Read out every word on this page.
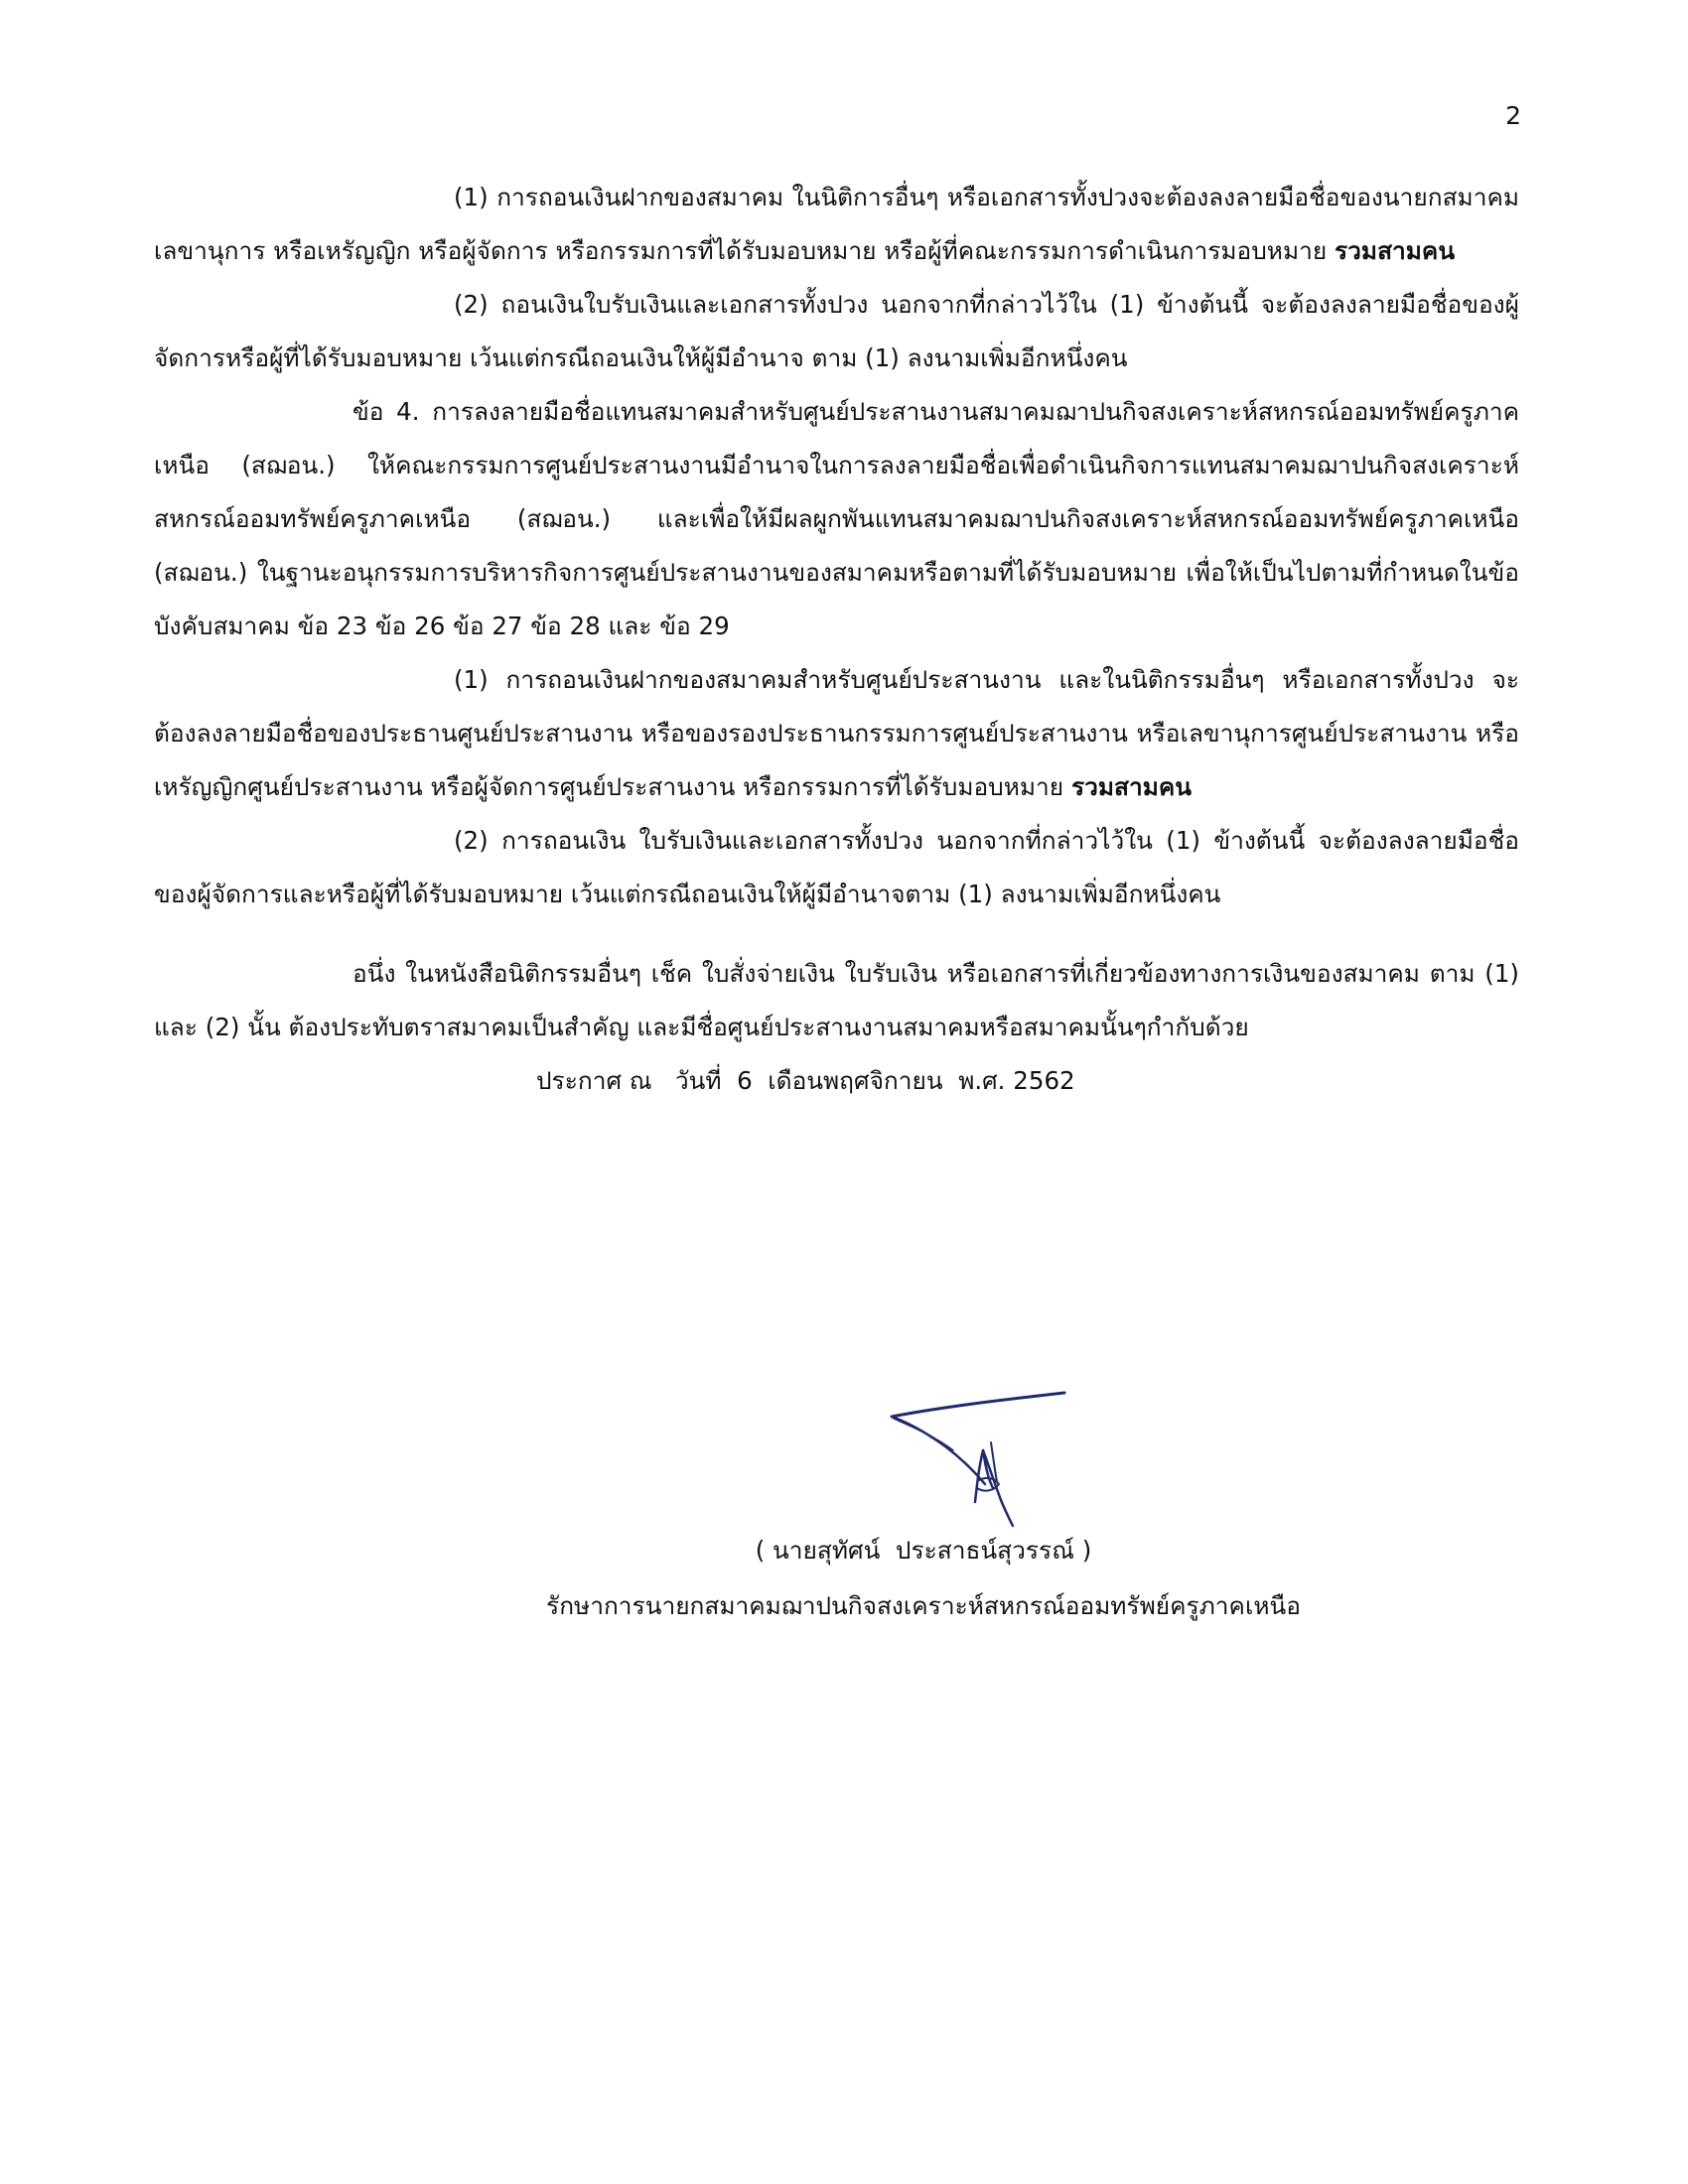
2

(1) การถอนเงินฝากของสมาคม ในนิติการอื่นๆ หรือเอกสารทั้งปวงจะต้องลงลายมือชื่อของนายกสมาคม เลขานุการ หรือเหรัญญิก หรือผู้จัดการ หรือกรรมการที่ได้รับมอบหมาย หรือผู้ที่คณะกรรมการดำเนินการมอบหมาย รวมสามคน

(2) ถอนเงินใบรับเงินและเอกสารทั้งปวง นอกจากที่กล่าวไว้ใน (1) ข้างต้นนี้ จะต้องลงลายมือชื่อของผู้จัดการหรือผู้ที่ได้รับมอบหมาย เว้นแต่กรณีถอนเงินให้ผู้มีอำนาจ ตาม (1) ลงนามเพิ่มอีกหนึ่งคน

ข้อ 4. การลงลายมือชื่อแทนสมาคมสำหรับศูนย์ประสานงานสมาคมฌาปนกิจสงเคราะห์สหกรณ์ออมทรัพย์ครูภาคเหนือ (สฌอน.) ให้คณะกรรมการศูนย์ประสานงานมีอำนาจในการลงลายมือชื่อเพื่อดำเนินกิจการแทนสมาคมฌาปนกิจสงเคราะห์สหกรณ์ออมทรัพย์ครูภาคเหนือ (สฌอน.) และเพื่อให้มีผลผูกพันแทนสมาคมฌาปนกิจสงเคราะห์สหกรณ์ออมทรัพย์ครูภาคเหนือ (สฌอน.) ในฐานะอนุกรรมการบริหารกิจการศูนย์ประสานงานของสมาคมหรือตามที่ได้รับมอบหมาย เพื่อให้เป็นไปตามที่กำหนดในข้อบังคับสมาคม ข้อ 23 ข้อ 26 ข้อ 27 ข้อ 28 และ ข้อ 29

(1) การถอนเงินฝากของสมาคมสำหรับศูนย์ประสานงาน และในนิติกรรมอื่นๆ หรือเอกสารทั้งปวง จะต้องลงลายมือชื่อของประธานศูนย์ประสานงาน หรือของรองประธานกรรมการศูนย์ประสานงาน หรือเลขานุการศูนย์ประสานงาน หรือ เหรัญญิกศูนย์ประสานงาน หรือผู้จัดการศูนย์ประสานงาน หรือกรรมการที่ได้รับมอบหมาย รวมสามคน

(2) การถอนเงิน ใบรับเงินและเอกสารทั้งปวง นอกจากที่กล่าวไว้ใน (1) ข้างต้นนี้ จะต้องลงลายมือชื่อของผู้จัดการและหรือผู้ที่ได้รับมอบหมาย เว้นแต่กรณีถอนเงินให้ผู้มีอำนาจตาม (1) ลงนามเพิ่มอีกหนึ่งคน

อนึ่ง ในหนังสือนิติกรรมอื่นๆ เช็ค ใบสั่งจ่ายเงิน ใบรับเงิน หรือเอกสารที่เกี่ยวข้องทางการเงินของสมาคม ตาม (1) และ (2) นั้น ต้องประทับตราสมาคมเป็นสำคัญ และมีชื่อศูนย์ประสานงานสมาคมหรือสมาคมนั้นๆกำกับด้วย

ประกาศ ณ   วันที่  6  เดือนพฤศจิกายน  พ.ศ. 2562

( นายสุทัศน์  ประสาธน์สุวรรณ์ )
รักษาการนายกสมาคมฌาปนกิจสงเคราะห์สหกรณ์ออมทรัพย์ครูภาคเหนือ
